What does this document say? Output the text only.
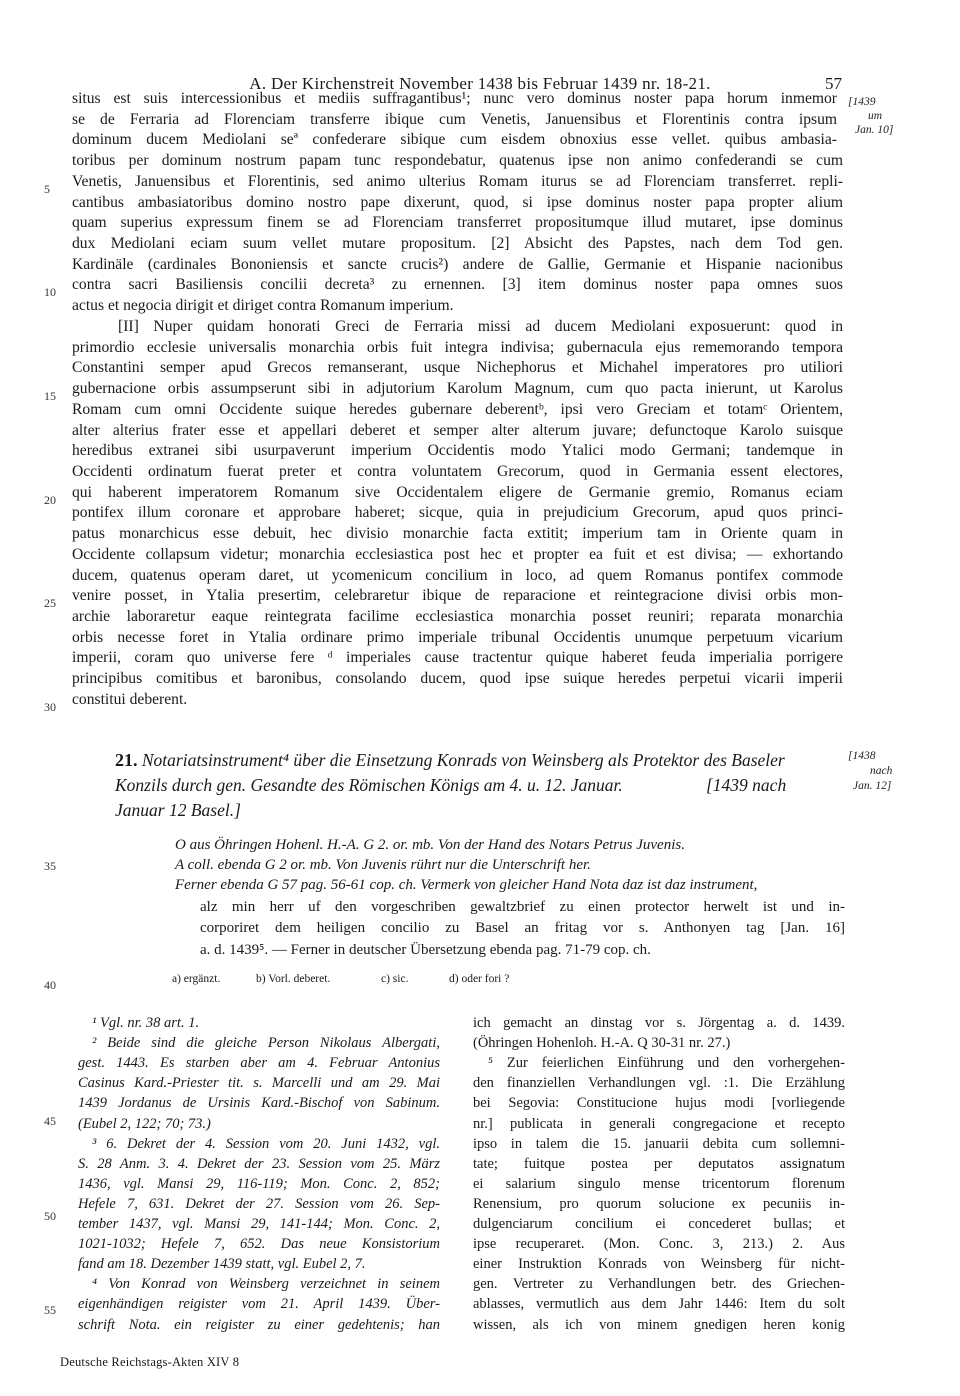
A. Der Kirchenstreit November 1438 bis Februar 1439 nr. 18-21.	57
[1439
um
Jan. 10]
situs est suis intercessionibus et mediis suffragantibus¹; nunc vero dominus noster papa horum inmemor
se de Ferraria ad Florenciam transferre ibique cum Venetis, Januensibus et Florentinis contra ipsum
dominum ducem Mediolani seª confederare sibique cum eisdem obnoxius esse vellet. quibus ambasia-
toribus per dominum nostrum papam tunc respondebatur, quatenus ipse non animo confederandi se cum
Venetis, Januensibus et Florentinis, sed animo ulterius Romam iturus se ad Florenciam transferret. repli-
cantibus ambasiatoribus domino nostro pape dixerunt, quod, si ipse dominus noster papa propter alium
quam superius expressum finem se ad Florenciam transferret propositumque illud mutaret, ipse dominus
dux Mediolani eciam suum vellet mutare propositum. [2] Absicht des Papstes, nach dem Tod gen.
Kardinäle (cardinales Bononiensis et sancte crucis²) andere de Gallie, Germanie et Hispanie nacionibus
contra sacri Basiliensis concilii decreta³ zu ernennen. [3] item dominus noster papa omnes suos
actus et negocia dirigit et diriget contra Romanum imperium.
[II] Nuper quidam honorati Greci de Ferraria missi ad ducem Mediolani exposuerunt: quod in
primordio ecclesie universalis monarchia orbis fuit integra indivisa; gubernacula ejus rememorando tempora
Constantini semper apud Grecos remanserant, usque Nichephorus et Michahel imperatores pro utiliori
gubernacione orbis assumpserunt sibi in adjutorium Karolum Magnum, cum quo pacta inierunt, ut Karolus
Romam cum omni Occidente suique heredes gubernare deberentᵇ, ipsi vero Greciam et totamᶜ Orientem,
alter alterius frater esse et appellari deberet et semper alter alterum juvare; defunctoque Karolo suisque
heredibus extranei sibi usurpaverunt imperium Occidentis modo Ytalici modo Germani; tandemque in
Occidenti ordinatum fuerat preter et contra voluntatem Grecorum, quod in Germania essent electores,
qui haberent imperatorem Romanum sive Occidentalem eligere de Germanie gremio, Romanus eciam
pontifex illum coronare et approbare haberet; sicque, quia in prejudicium Grecorum, apud quos princi-
patus monarchicus esse debuit, hec divisio monarchie facta extitit; imperium tam in Oriente quam in
Occidente collapsum videtur; monarchia ecclesiastica post hec et propter ea fuit et est divisa; — exhortando
ducem, quatenus operam daret, ut ycomenicum concilium in loco, ad quem Romanus pontifex commode
venire posset, in Ytalia presertim, celebraretur ibique de reparacione et reintegracione divisi orbis mon-
archie laboraretur eaque reintegrata facilime ecclesiastica monarchia posset reuniri; reparata monarchia
orbis necesse foret in Ytalia ordinare primo imperiale tribunal Occidentis unumque perpetuum vicarium
imperii, coram quo universe fere ᵈ imperiales cause tractentur quique haberet feuda imperialia porrigere
principibus comitibus et baronibus, consolando ducem, quod ipse suique heredes perpetui vicarii imperii
constitui deberent.
5
10
15
20
25
30
35
40
45
50
55
21. Notariatsinstrument⁴ über die Einsetzung Konrads von Weinsberg als Protektor des Baseler
Konzils durch gen. Gesandte des Römischen Königs am 4. u. 12. Januar.	[1439 nach
Januar 12 Basel.]
[1438
nach
Jan. 12]
O aus Öhringen Hohenl. H.-A. G 2. or. mb. Von der Hand des Notars Petrus Juvenis.
A coll. ebenda G 2 or. mb. Von Juvenis rührt nur die Unterschrift her.
Ferner ebenda G 57 pag. 56-61 cop. ch. Vermerk von gleicher Hand Nota daz ist daz instrument,
alz min herr uf den vorgeschriben gewaltzbrief zu einen protector herwelt ist und in-
corporiret dem heiligen concilio zu Basel an fritag vor s. Anthonyen tag [Jan. 16]
a. d. 1439⁵. — Ferner in deutscher Übersetzung ebenda pag. 71-79 cop. ch.
a) ergänzt.	b) Vorl. deberet.	c) sic.	d) oder fori ?
¹ Vgl. nr. 38 art. 1.
² Beide sind die gleiche Person Nikolaus Albergati,
gest. 1443. Es starben aber am 4. Februar Antonius
Casinus Kard.-Priester tit. s. Marcelli und am 29. Mai
1439 Jordanus de Ursinis Kard.-Bischof von Sabinum.
(Eubel 2, 122; 70; 73.)
³ 6. Dekret der 4. Session vom 20. Juni 1432, vgl.
S. 28 Anm. 3. 4. Dekret der 23. Session vom 25. März
1436, vgl. Mansi 29, 116-119; Mon. Conc. 2, 852;
Hefele 7, 631. Dekret der 27. Session vom 26. Sep-
tember 1437, vgl. Mansi 29, 141-144; Mon. Conc. 2,
1021-1032; Hefele 7, 652. Das neue Konsistorium
fand am 18. Dezember 1439 statt, vgl. Eubel 2, 7.
⁴ Von Konrad von Weinsberg verzeichnet in seinem
eigenhändigen reigister vom 21. April 1439. Über-
schrift Nota. ein reigister zu einer gedehtenis; han
ich gemacht an dinstag vor s. Jörgentag a. d. 1439.
(Öhringen Hohenloh. H.-A. Q 30-31 nr. 27.)
⁵ Zur feierlichen Einführung und den vorhergehen-
den finanziellen Verhandlungen vgl. :1. Die Erzählung
bei Segovia: Constitucione hujus modi [vorliegende
nr.] publicata in generali congregacione et recepto
ipso in talem die 15. januarii debita cum sollemni-
tate; fuitque postea per deputatos assignatum
ei salarium singulo mense tricentorum florenum
Renensium, pro quorum solucione ex pecuniis in-
dulgenciarum concilium ei concederet bullas; et
ipse recuperaret. (Mon. Conc. 3, 213.) 2. Aus
einer Instruktion Konrads von Weinsberg für nicht-
gen. Vertreter zu Verhandlungen betr. des Griechen-
ablasses, vermutlich aus dem Jahr 1446: Item du solt
wissen, als ich von minem gnedigen heren konig
Deutsche Reichstags-Akten XIV 8
